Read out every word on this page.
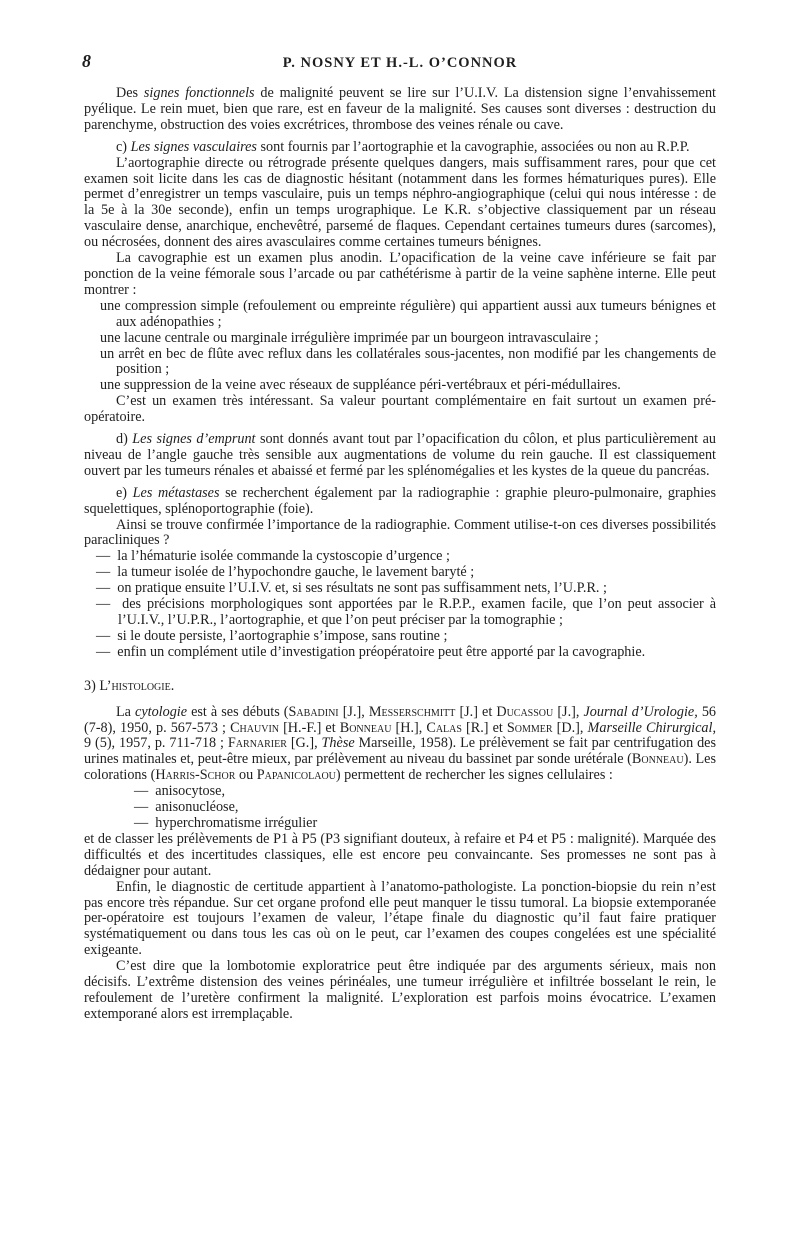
8	P. NOSNY ET H.-L. O’CONNOR

Des signes fonctionnels de malignité peuvent se lire sur l’U.I.V. La distension signe l’envahissement pyélique. Le rein muet, bien que rare, est en faveur de la malignité. Ses causes sont diverses : destruction du parenchyme, obstruction des voies excrétrices, thrombose des veines rénale ou cave.

c) Les signes vasculaires sont fournis par l’aortographie et la cavographie, associées ou non au R.P.P.

L’aortographie directe ou rétrograde présente quelques dangers, mais suffisamment rares, pour que cet examen soit licite dans les cas de diagnostic hésitant (notamment dans les formes hématuriques pures). Elle permet d’enregistrer un temps vasculaire, puis un temps néphro-angiographique (celui qui nous intéresse : de la 5e à la 30e seconde), enfin un temps urographique. Le K.R. s’objective classiquement par un réseau vasculaire dense, anarchique, enchevêtré, parsemé de flaques. Cependant certaines tumeurs dures (sarcomes), ou nécrosées, donnent des aires avasculaires comme certaines tumeurs bénignes.

La cavographie est un examen plus anodin. L’opacification de la veine cave inférieure se fait par ponction de la veine fémorale sous l’arcade ou par cathétérisme à partir de la veine saphène interne. Elle peut montrer :

une compression simple (refoulement ou empreinte régulière) qui appartient aussi aux tumeurs bénignes et aux adénopathies ;
une lacune centrale ou marginale irrégulière imprimée par un bourgeon intravasculaire ;
un arrêt en bec de flûte avec reflux dans les collatérales sous-jacentes, non modifié par les changements de position ;
une suppression de la veine avec réseaux de suppléance péri-vertébraux et péri-médullaires.

C’est un examen très intéressant. Sa valeur pourtant complémentaire en fait surtout un examen pré-opératoire.

d) Les signes d’emprunt sont donnés avant tout par l’opacification du côlon, et plus particulièrement au niveau de l’angle gauche très sensible aux augmentations de volume du rein gauche. Il est classiquement ouvert par les tumeurs rénales et abaissé et fermé par les splénomégalies et les kystes de la queue du pancréas.

e) Les métastases se recherchent également par la radiographie : graphie pleuro-pulmonaire, graphies squelettiques, splénoportographie (foie).

Ainsi se trouve confirmée l’importance de la radiographie. Comment utilise-t-on ces diverses possibilités paracliniques ?

—  la l’hématurie isolée commande la cystoscopie d’urgence ;
—  la tumeur isolée de l’hypochondre gauche, le lavement baryté ;
—  on pratique ensuite l’U.I.V. et, si ses résultats ne sont pas suffisamment nets, l’U.P.R. ;
—  des précisions morphologiques sont apportées par le R.P.P., examen facile, que l’on peut associer à l’U.I.V., l’U.P.R., l’aortographie, et que l’on peut préciser par la tomographie ;
—  si le doute persiste, l’aortographie s’impose, sans routine ;
—  enfin un complément utile d’investigation préopératoire peut être apporté par la cavographie.

3) L’histologie.

La cytologie est à ses débuts (Sabadini [J.], Messerschmitt [J.] et Ducassou [J.], Journal d’Urologie, 56 (7-8), 1950, p. 567-573 ; Chauvin [H.-F.] et Bonneau [H.], Calas [R.] et Sommer [D.], Marseille Chirurgical, 9 (5), 1957, p. 711-718 ; Farnarier [G.], Thèse Marseille, 1958). Le prélèvement se fait par centrifugation des urines matinales et, peut-être mieux, par prélèvement au niveau du bassinet par sonde urétérale (Bonneau). Les colorations (Harris-Schor ou Papanicolaou) permettent de rechercher les signes cellulaires :

—  anisocytose,
—  anisonucléose,
—  hyperchromatisme irrégulier

et de classer les prélèvements de P1 à P5 (P3 signifiant douteux, à refaire et P4 et P5 : malignité). Marquée des difficultés et des incertitudes classiques, elle est encore peu convaincante. Ses promesses ne sont pas à dédaigner pour autant.

Enfin, le diagnostic de certitude appartient à l’anatomo-pathologiste. La ponction-biopsie du rein n’est pas encore très répandue. Sur cet organe profond elle peut manquer le tissu tumoral. La biopsie extemporanée per-opératoire est toujours l’examen de valeur, l’étape finale du diagnostic qu’il faut faire pratiquer systématiquement ou dans tous les cas où on le peut, car l’examen des coupes congelées est une spécialité exigeante.

C’est dire que la lombotomie exploratrice peut être indiquée par des arguments sérieux, mais non décisifs. L’extrême distension des veines périnéales, une tumeur irrégulière et infiltrée bosselant le rein, le refoulement de l’uretère confirment la malignité. L’exploration est parfois moins évocatrice. L’examen extemporané alors est irremplaçable.
